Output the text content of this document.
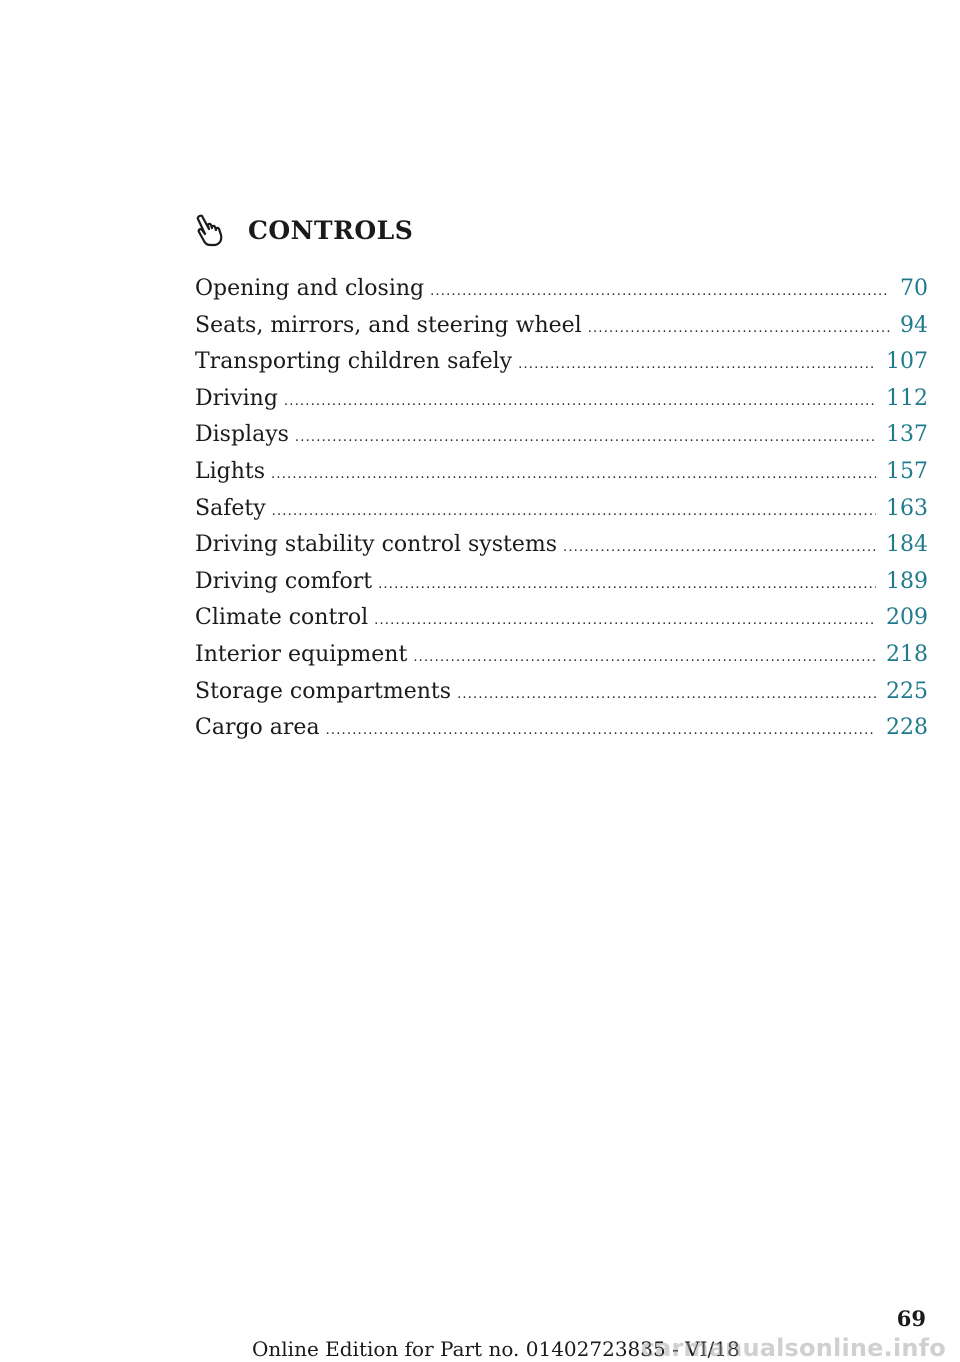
CONTROLS
Opening and closing .....	70
Seats, mirrors, and steering wheel .....	94
Transporting children safely .....	107
Driving .....	112
Displays .....	137
Lights .....	157
Safety .....	163
Driving stability control systems .....	184
Driving comfort .....	189
Climate control .....	209
Interior equipment .....	218
Storage compartments .....	225
Cargo area .....	228
69
Online Edition for Part no. 01402723835 - VI/18
carmanualsonline.info
